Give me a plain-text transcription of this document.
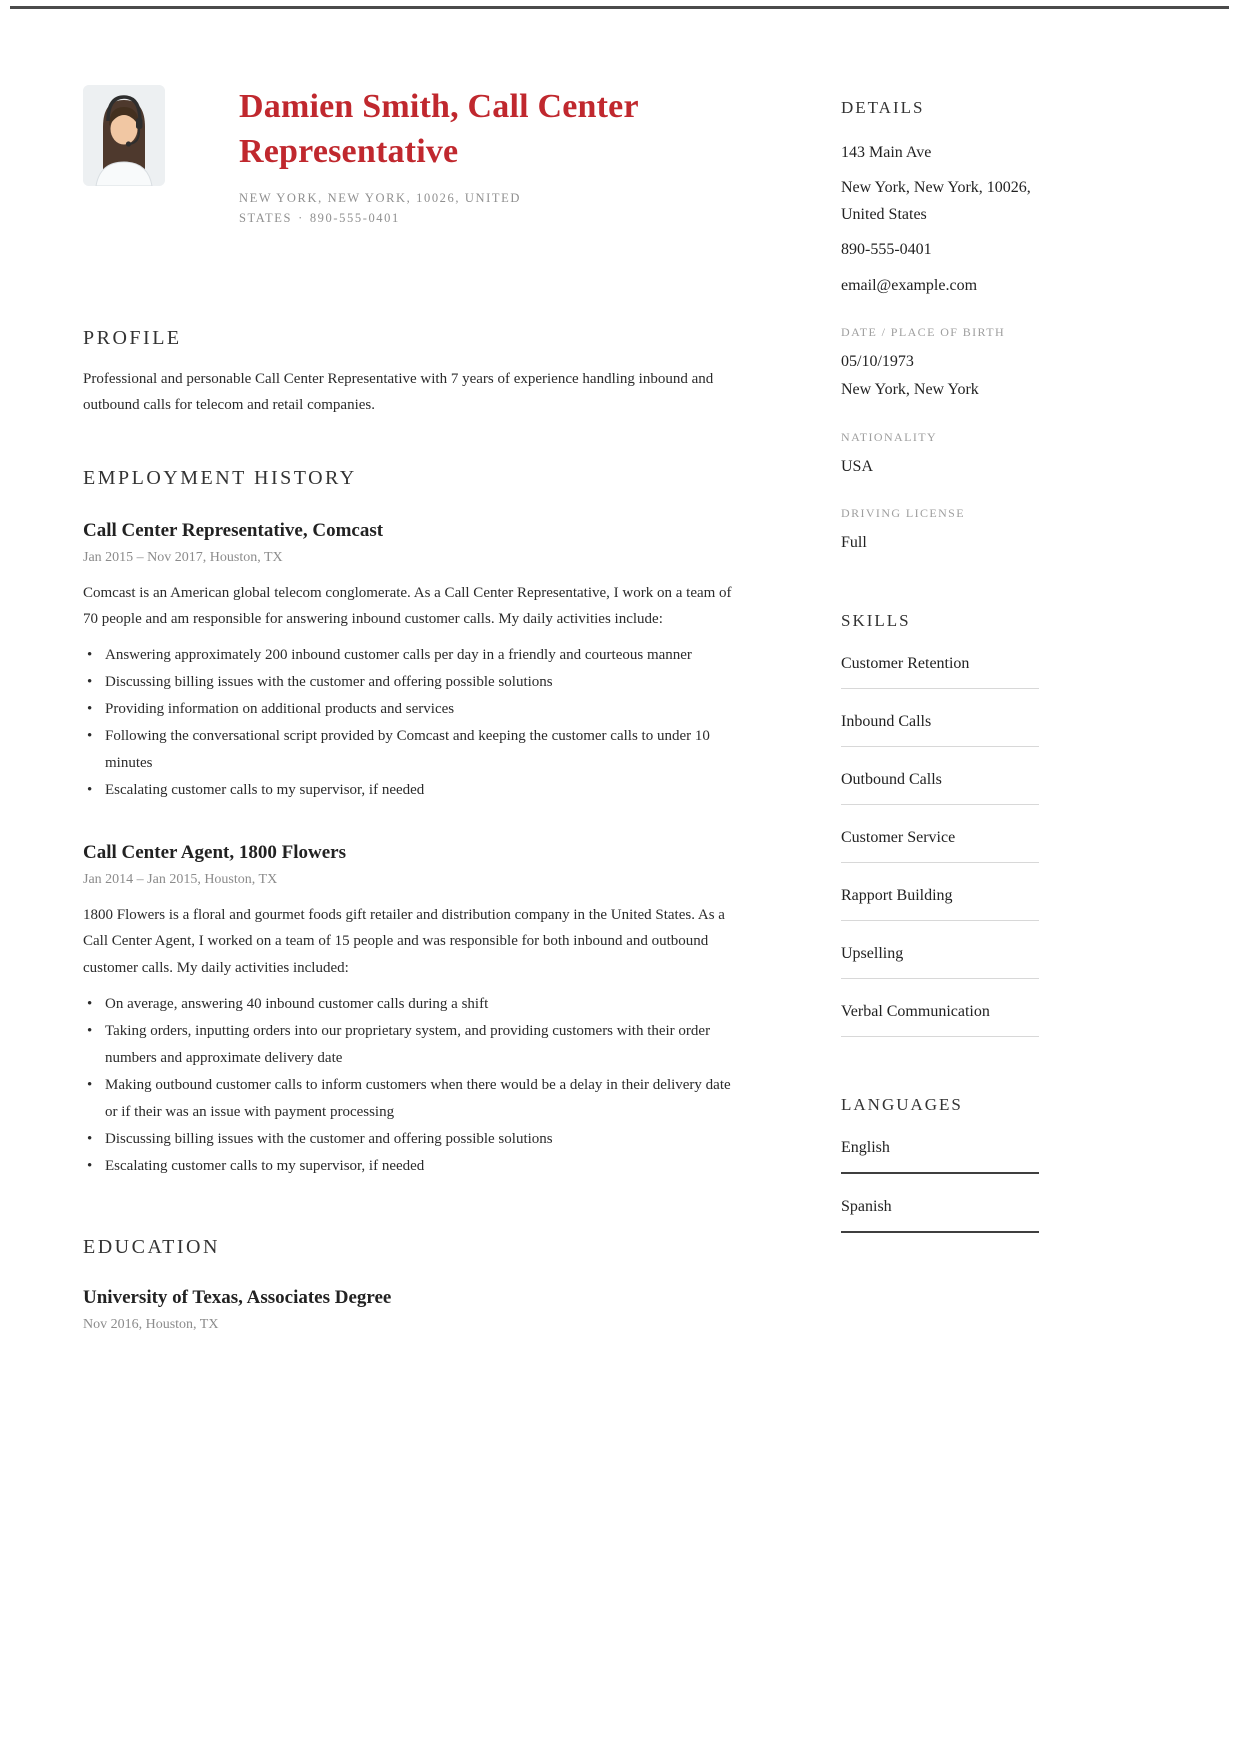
Damien Smith, Call Center Representative
NEW YORK, NEW YORK, 10026, UNITED STATES · 890-555-0401
PROFILE

Professional and personable Call Center Representative with 7 years of experience handling inbound and outbound calls for telecom and retail companies.

EMPLOYMENT HISTORY
Call Center Representative, Comcast
Jan 2015 – Nov 2017, Houston, TX

Comcast is an American global telecom conglomerate. As a Call Center Representative, I work on a team of 70 people and am responsible for answering inbound customer calls. My daily activities include:

• Answering approximately 200 inbound customer calls per day in a friendly and courteous manner
• Discussing billing issues with the customer and offering possible solutions
• Providing information on additional products and services
• Following the conversational script provided by Comcast and keeping the customer calls to under 10 minutes
• Escalating customer calls to my supervisor, if needed
Call Center Agent, 1800 Flowers
Jan 2014 – Jan 2015, Houston, TX

1800 Flowers is a floral and gourmet foods gift retailer and distribution company in the United States. As a Call Center Agent, I worked on a team of 15 people and was responsible for both inbound and outbound customer calls. My daily activities included:

• On average, answering 40 inbound customer calls during a shift
• Taking orders, inputting orders into our proprietary system, and providing customers with their order numbers and approximate delivery date
• Making outbound customer calls to inform customers when there would be a delay in their delivery date or if their was an issue with payment processing
• Discussing billing issues with the customer and offering possible solutions
• Escalating customer calls to my supervisor, if needed
EDUCATION
University of Texas, Associates Degree
Nov 2016, Houston, TX
DETAILS

143 Main Ave

New York, New York, 10026, United States

890-555-0401

email@example.com

DATE / PLACE OF BIRTH

05/10/1973

New York, New York

NATIONALITY

USA

DRIVING LICENSE

Full

SKILLS
Customer Retention
Inbound Calls
Outbound Calls
Customer Service
Rapport Building
Upselling
Verbal Communication
LANGUAGES
English
Spanish
